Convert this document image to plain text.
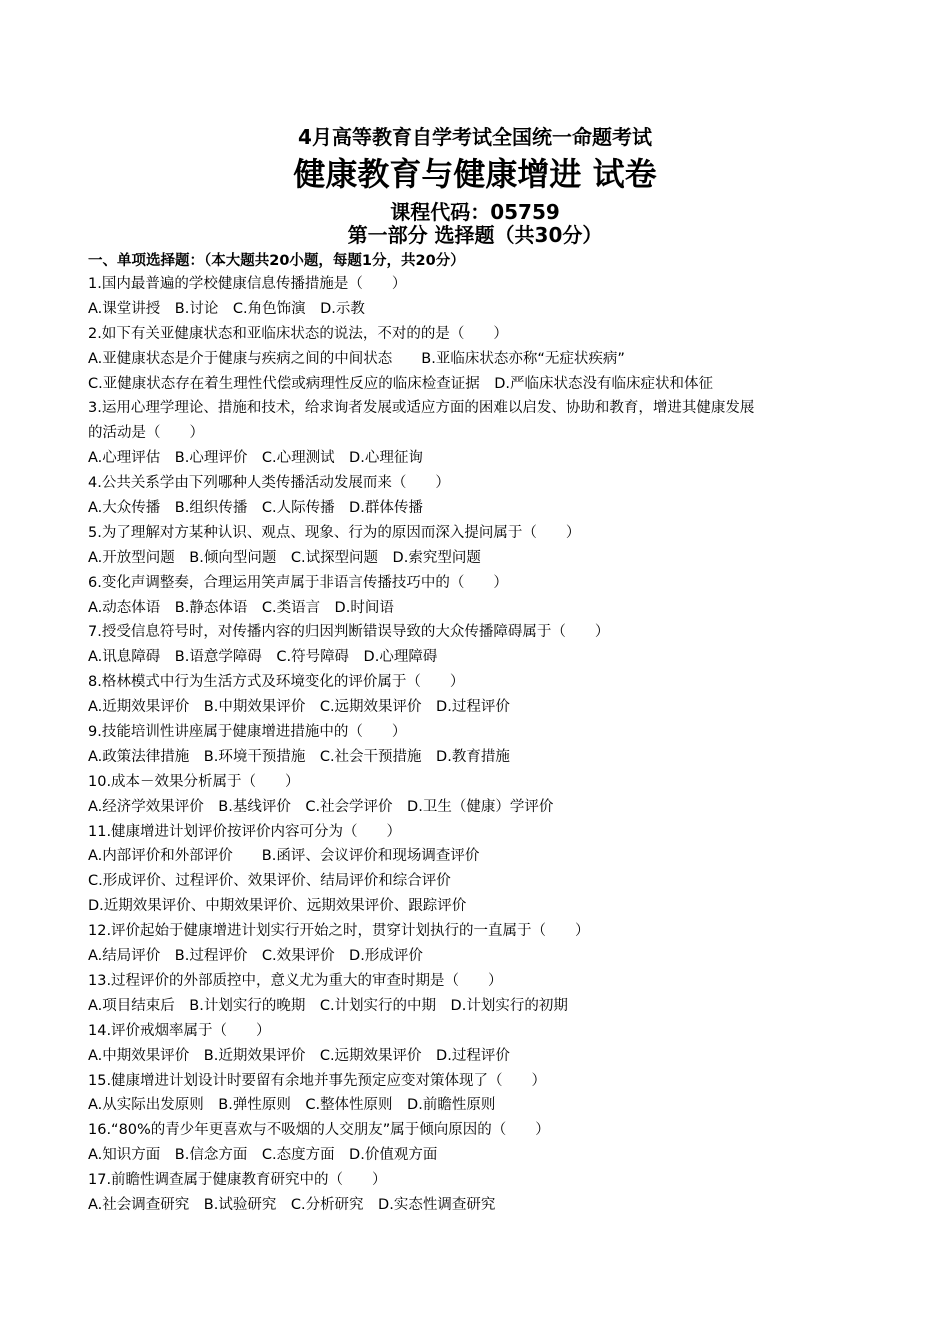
4月高等教育自学考试全国统一命题考试
健康教育与健康增进 试卷
课程代码：05759
第一部分 选择题（共30分）
一、单项选择题：（本大题共20小题，每题1分，共20分）
1.国内最普遍的学校健康信息传播措施是（　　）
A.课堂讲授　B.讨论　C.角色饰演　D.示教
2.如下有关亚健康状态和亚临床状态的说法，不对的的是（　　）
A.亚健康状态是介于健康与疾病之间的中间状态　　B.亚临床状态亦称“无症状疾病”
C.亚健康状态存在着生理性代偿或病理性反应的临床检查证据　D.严临床状态没有临床症状和体征
3.运用心理学理论、措施和技术，给求询者发展或适应方面的困难以启发、协助和教育，增进其健康发展
的活动是（　　）
A.心理评估　B.心理评价　C.心理测试　D.心理征询
4.公共关系学由下列哪种人类传播活动发展而来（　　）
A.大众传播　B.组织传播　C.人际传播　D.群体传播
5.为了理解对方某种认识、观点、现象、行为的原因而深入提问属于（　　）
A.开放型问题　B.倾向型问题　C.试探型问题　D.索究型问题
6.变化声调整奏，合理运用笑声属于非语言传播技巧中的（　　）
A.动态体语　B.静态体语　C.类语言　D.时间语
7.授受信息符号时，对传播内容的归因判断错误导致的大众传播障碍属于（　　）
A.讯息障碍　B.语意学障碍　C.符号障碍　D.心理障碍
8.格林模式中行为生活方式及环境变化的评价属于（　　）
A.近期效果评价　B.中期效果评价　C.远期效果评价　D.过程评价
9.技能培训性讲座属于健康增进措施中的（　　）
A.政策法律措施　B.环境干预措施　C.社会干预措施　D.教育措施
10.成本－效果分析属于（　　）
A.经济学效果评价　B.基线评价　C.社会学评价　D.卫生（健康）学评价
11.健康增进计划评价按评价内容可分为（　　）
A.内部评价和外部评价　　B.函评、会议评价和现场调查评价
C.形成评价、过程评价、效果评价、结局评价和综合评价
D.近期效果评价、中期效果评价、远期效果评价、跟踪评价
12.评价起始于健康增进计划实行开始之时，贯穿计划执行的一直属于（　　）
A.结局评价　B.过程评价　C.效果评价　D.形成评价
13.过程评价的外部质控中，意义尤为重大的审查时期是（　　）
A.项目结束后　B.计划实行的晚期　C.计划实行的中期　D.计划实行的初期
14.评价戒烟率属于（　　）
A.中期效果评价　B.近期效果评价　C.远期效果评价　D.过程评价
15.健康增进计划设计时要留有余地并事先预定应变对策体现了（　　）
A.从实际出发原则　B.弹性原则　C.整体性原则　D.前瞻性原则
16.“80%的青少年更喜欢与不吸烟的人交朋友”属于倾向原因的（　　）
A.知识方面　B.信念方面　C.态度方面　D.价值观方面
17.前瞻性调查属于健康教育研究中的（　　）
A.社会调查研究　B.试验研究　C.分析研究　D.实态性调查研究
